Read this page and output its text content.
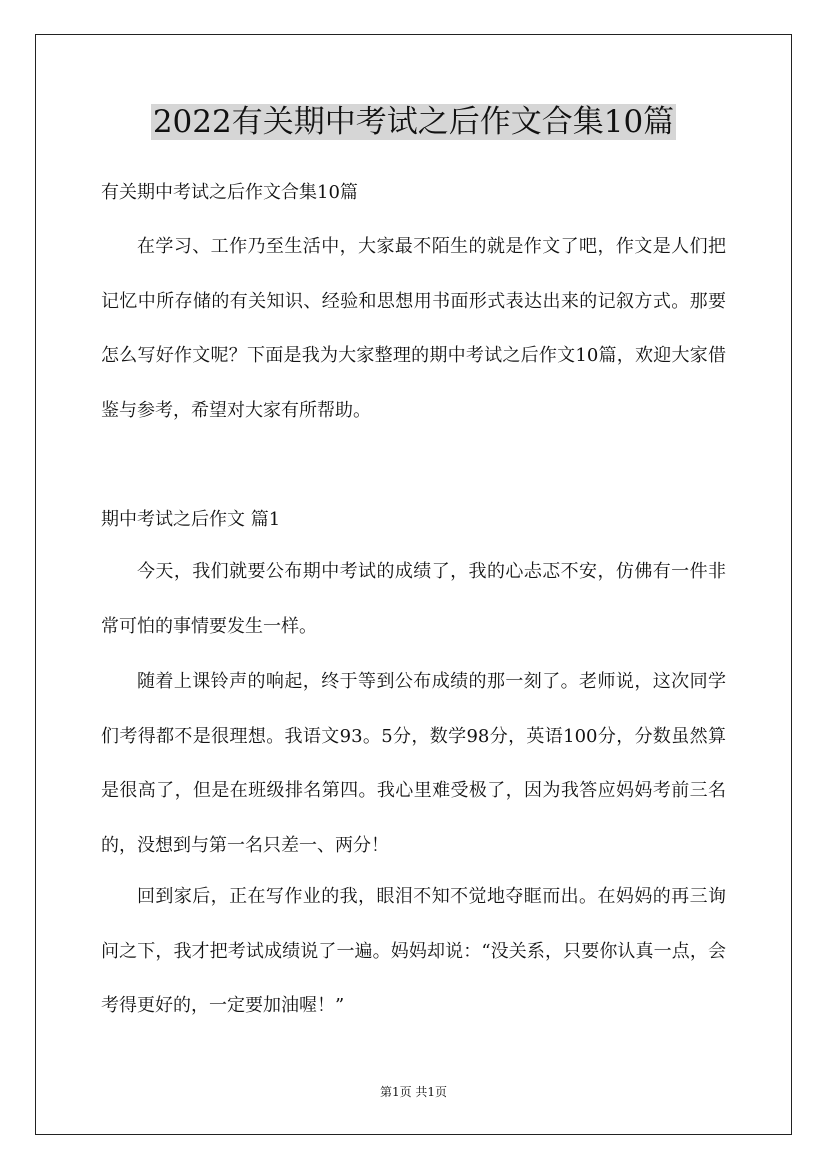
2022有关期中考试之后作文合集10篇
有关期中考试之后作文合集10篇

在学习、工作乃至生活中，大家最不陌生的就是作文了吧，作文是人们把记忆中所存储的有关知识、经验和思想用书面形式表达出来的记叙方式。那要怎么写好作文呢？下面是我为大家整理的期中考试之后作文10篇，欢迎大家借鉴与参考，希望对大家有所帮助。

期中考试之后作文 篇1

今天，我们就要公布期中考试的成绩了，我的心忐忑不安，仿佛有一件非常可怕的事情要发生一样。

随着上课铃声的响起，终于等到公布成绩的那一刻了。老师说，这次同学们考得都不是很理想。我语文93。5分，数学98分，英语100分，分数虽然算是很高了，但是在班级排名第四。我心里难受极了，因为我答应妈妈考前三名的，没想到与第一名只差一、两分！

回到家后，正在写作业的我，眼泪不知不觉地夺眶而出。在妈妈的再三询问之下，我才把考试成绩说了一遍。妈妈却说：“没关系，只要你认真一点，会考得更好的，一定要加油喔！”

第1页 共1页
